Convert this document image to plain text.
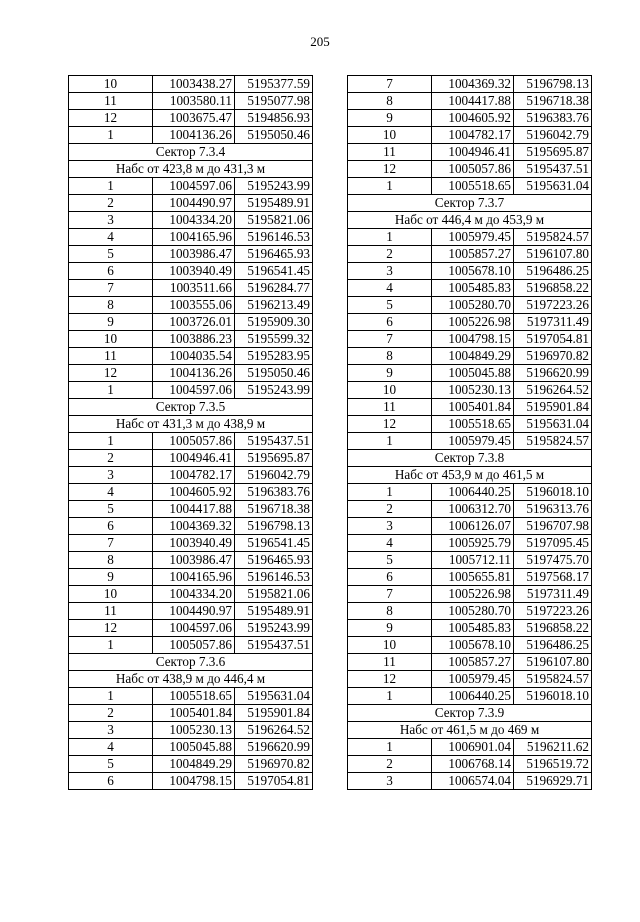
205
10	1003438.27	5195377.59
11	1003580.11	5195077.98
12	1003675.47	5194856.93
1	1004136.26	5195050.46
Сектор 7.3.4		
Набс от 423,8 м до 431,3 м		
1	1004597.06	5195243.99
2	1004490.97	5195489.91
3	1004334.20	5195821.06
4	1004165.96	5196146.53
5	1003986.47	5196465.93
6	1003940.49	5196541.45
7	1003511.66	5196284.77
8	1003555.06	5196213.49
9	1003726.01	5195909.30
10	1003886.23	5195599.32
11	1004035.54	5195283.95
12	1004136.26	5195050.46
1	1004597.06	5195243.99
Сектор 7.3.5		
Набс от 431,3 м до 438,9 м		
1	1005057.86	5195437.51
2	1004946.41	5195695.87
3	1004782.17	5196042.79
4	1004605.92	5196383.76
5	1004417.88	5196718.38
6	1004369.32	5196798.13
7	1003940.49	5196541.45
8	1003986.47	5196465.93
9	1004165.96	5196146.53
10	1004334.20	5195821.06
11	1004490.97	5195489.91
12	1004597.06	5195243.99
1	1005057.86	5195437.51
Сектор 7.3.6		
Набс от 438,9 м до 446,4 м		
1	1005518.65	5195631.04
2	1005401.84	5195901.84
3	1005230.13	5196264.52
4	1005045.88	5196620.99
5	1004849.29	5196970.82
6	1004798.15	5197054.81
7	1004369.32	5196798.13
8	1004417.88	5196718.38
9	1004605.92	5196383.76
10	1004782.17	5196042.79
11	1004946.41	5195695.87
12	1005057.86	5195437.51
1	1005518.65	5195631.04
Сектор 7.3.7		
Набс от 446,4 м до 453,9 м		
1	1005979.45	5195824.57
2	1005857.27	5196107.80
3	1005678.10	5196486.25
4	1005485.83	5196858.22
5	1005280.70	5197223.26
6	1005226.98	5197311.49
7	1004798.15	5197054.81
8	1004849.29	5196970.82
9	1005045.88	5196620.99
10	1005230.13	5196264.52
11	1005401.84	5195901.84
12	1005518.65	5195631.04
1	1005979.45	5195824.57
Сектор 7.3.8		
Набс от 453,9 м до 461,5 м		
1	1006440.25	5196018.10
2	1006312.70	5196313.76
3	1006126.07	5196707.98
4	1005925.79	5197095.45
5	1005712.11	5197475.70
6	1005655.81	5197568.17
7	1005226.98	5197311.49
8	1005280.70	5197223.26
9	1005485.83	5196858.22
10	1005678.10	5196486.25
11	1005857.27	5196107.80
12	1005979.45	5195824.57
1	1006440.25	5196018.10
Сектор 7.3.9		
Набс от 461,5 м до 469 м		
1	1006901.04	5196211.62
2	1006768.14	5196519.72
3	1006574.04	5196929.71
